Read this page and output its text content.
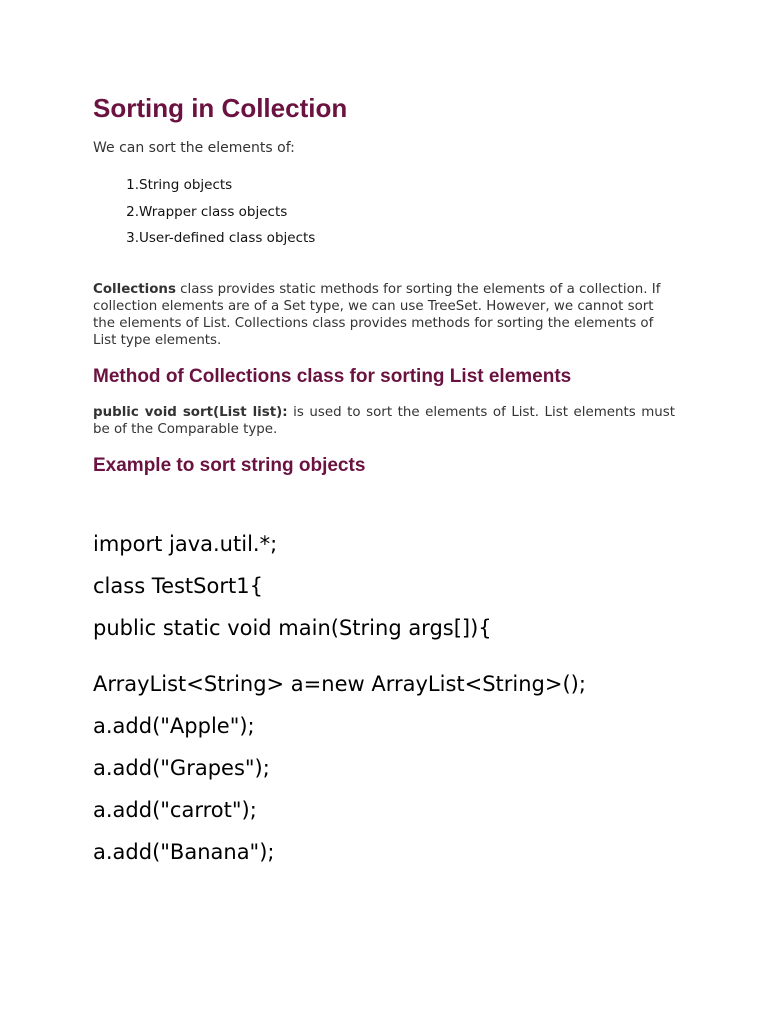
Sorting in Collection

We can sort the elements of:

1. String objects
2. Wrapper class objects
3. User-defined class objects

Collections class provides static methods for sorting the elements of a collection. If collection elements are of a Set type, we can use TreeSet. However, we cannot sort the elements of List. Collections class provides methods for sorting the elements of List type elements.

Method of Collections class for sorting List elements

public void sort(List list): is used to sort the elements of List. List elements must be of the Comparable type.

Example to sort string objects
import java.util.*;
class TestSort1{
public static void main(String args[]){
ArrayList<String> a=new ArrayList<String>();
a.add("Apple");
a.add("Grapes");
a.add("carrot");
a.add("Banana");
